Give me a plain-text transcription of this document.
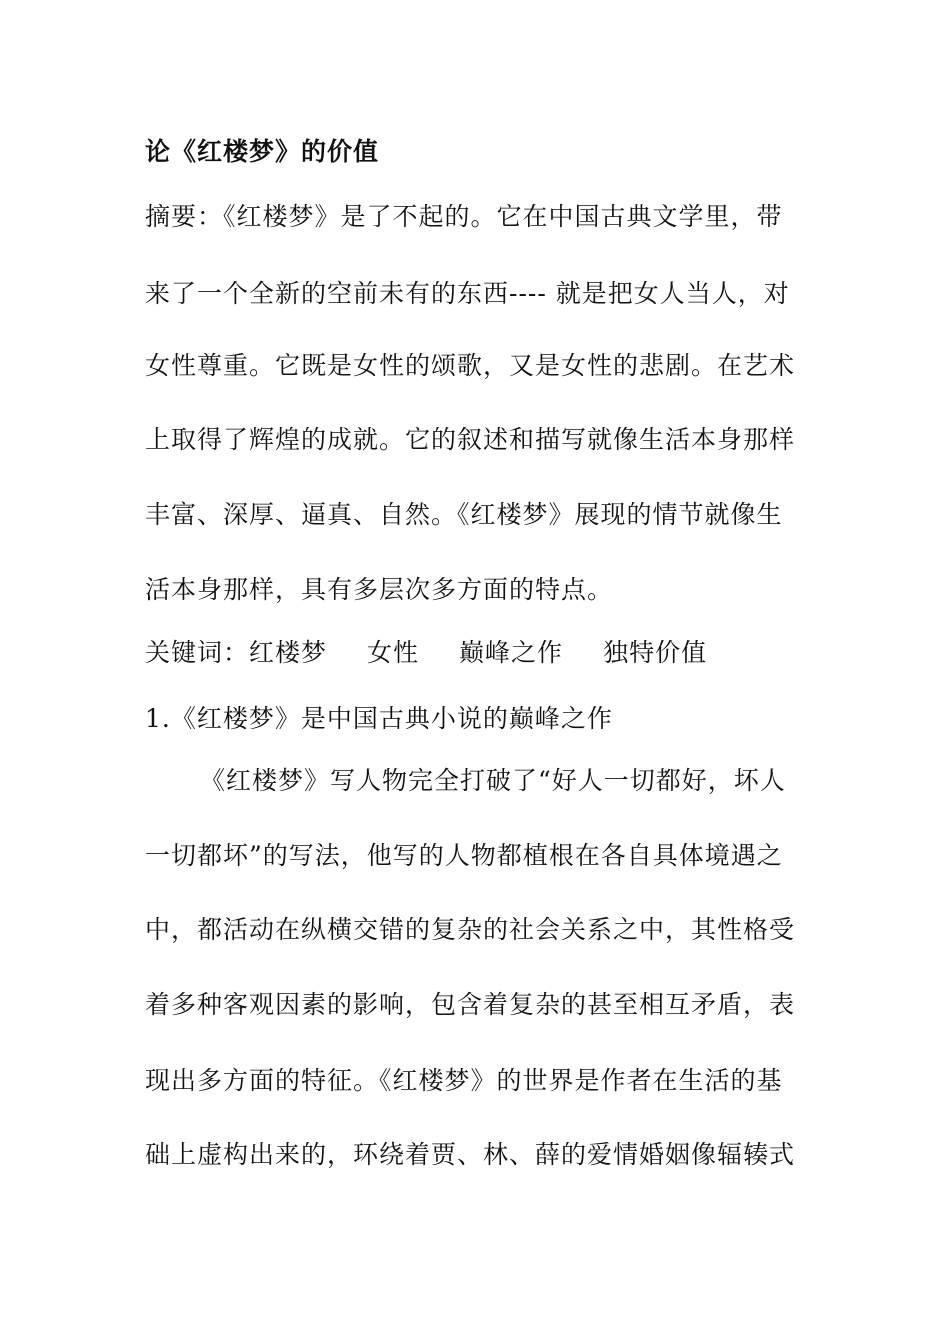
论《红楼梦》的价值
摘要：《红楼梦》是了不起的。它在中国古典文学里，带
来了一个全新的空前未有的东西---- 就是把女人当人，对
女性尊重。它既是女性的颂歌，又是女性的悲剧。在艺术
上取得了辉煌的成就。它的叙述和描写就像生活本身那样
丰富、深厚、逼真、自然。《红楼梦》展现的情节就像生
活本身那样，具有多层次多方面的特点。
关键词：红楼梦 女性 巅峰之作 独特价值
1.《红楼梦》是中国古典小说的巅峰之作
《红楼梦》写人物完全打破了“好人一切都好，坏人
一切都坏”的写法，他写的人物都植根在各自具体境遇之
中，都活动在纵横交错的复杂的社会关系之中，其性格受
着多种客观因素的影响，包含着复杂的甚至相互矛盾，表
现出多方面的特征。《红楼梦》的世界是作者在生活的基
础上虚构出来的，环绕着贾、林、薛的爱情婚姻像辐辏式
